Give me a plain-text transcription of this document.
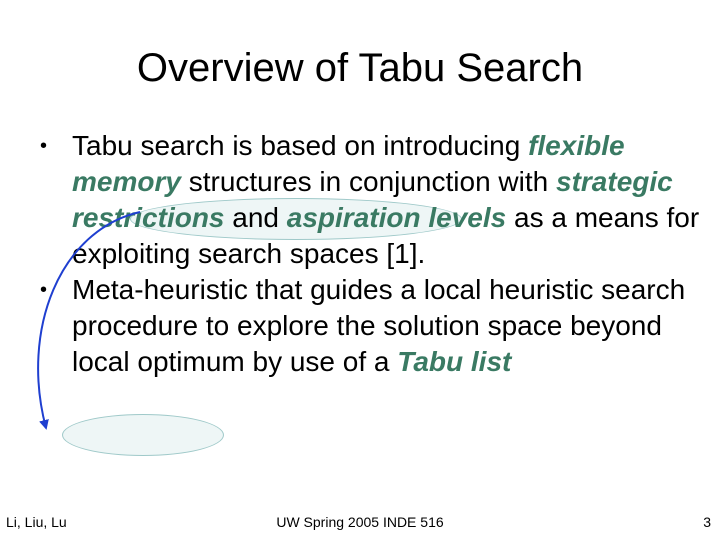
Overview of Tabu Search
• Tabu search is based on introducing flexible memory structures in conjunction with strategic restrictions and aspiration levels as a means for exploiting search spaces [1].
• Meta-heuristic that guides a local heuristic search procedure to explore the solution space beyond local optimum by use of a Tabu list
Li, Liu, Lu	UW Spring 2005 INDE 516	3
